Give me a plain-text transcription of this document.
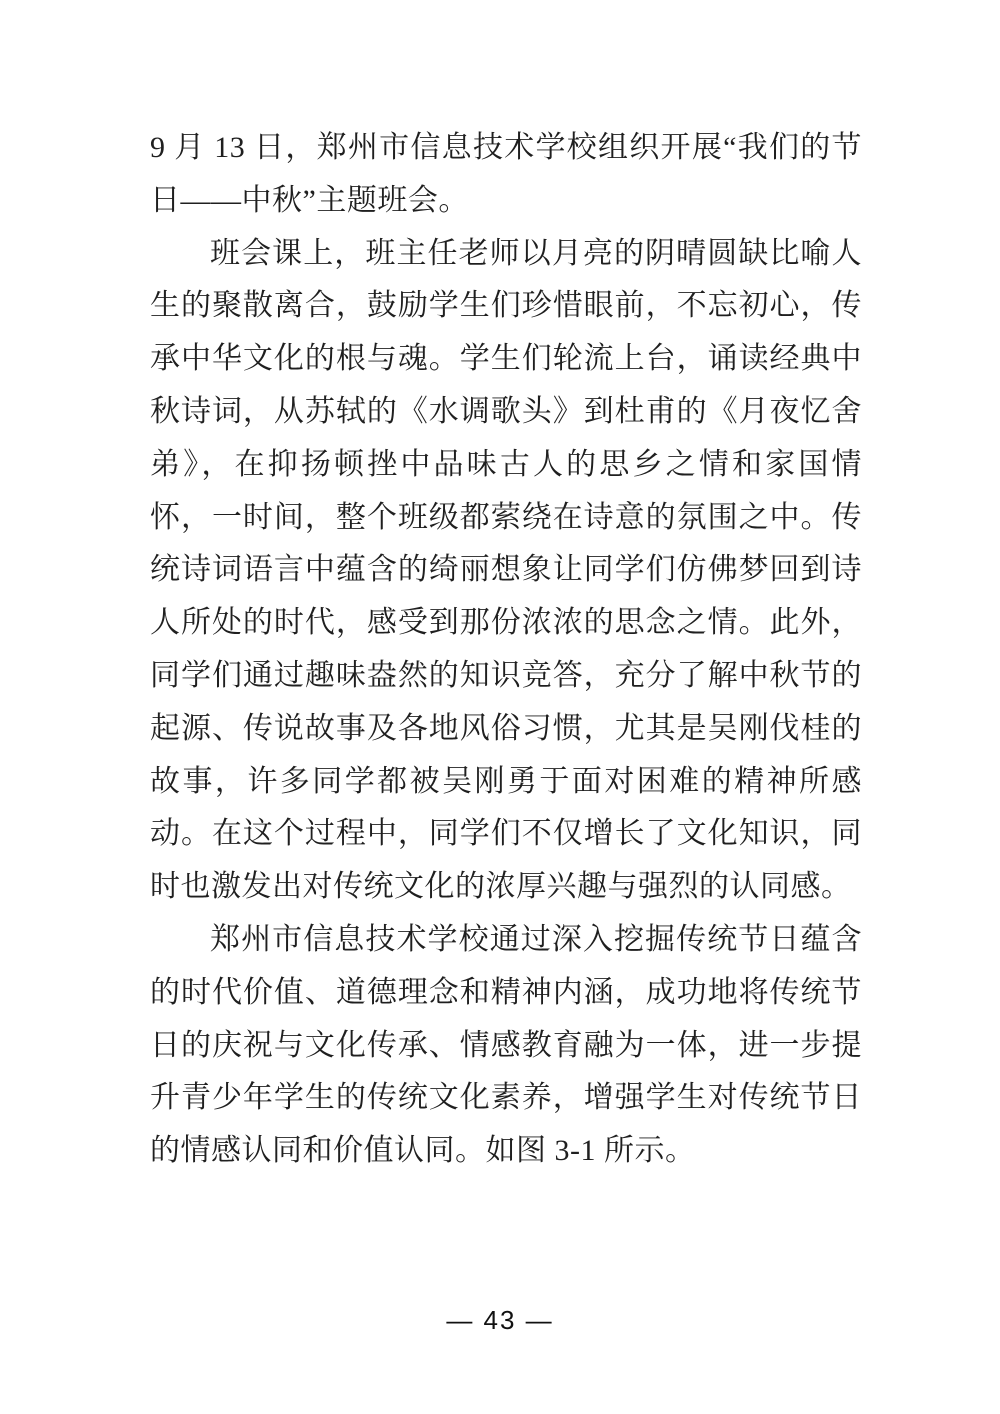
9 月 13 日，郑州市信息技术学校组织开展“我们的节日——中秋”主题班会。

班会课上，班主任老师以月亮的阴晴圆缺比喻人生的聚散离合，鼓励学生们珍惜眼前，不忘初心，传承中华文化的根与魂。学生们轮流上台，诵读经典中秋诗词，从苏轼的《水调歌头》到杜甫的《月夜忆舍弟》，在抑扬顿挫中品味古人的思乡之情和家国情怀，一时间，整个班级都萦绕在诗意的氛围之中。传统诗词语言中蕴含的绮丽想象让同学们仿佛梦回到诗人所处的时代，感受到那份浓浓的思念之情。此外，同学们通过趣味盎然的知识竞答，充分了解中秋节的起源、传说故事及各地风俗习惯，尤其是吴刚伐桂的故事，许多同学都被吴刚勇于面对困难的精神所感动。在这个过程中，同学们不仅增长了文化知识，同时也激发出对传统文化的浓厚兴趣与强烈的认同感。

郑州市信息技术学校通过深入挖掘传统节日蕴含的时代价值、道德理念和精神内涵，成功地将传统节日的庆祝与文化传承、情感教育融为一体，进一步提升青少年学生的传统文化素养，增强学生对传统节日的情感认同和价值认同。如图 3-1 所示。

— 43 —
